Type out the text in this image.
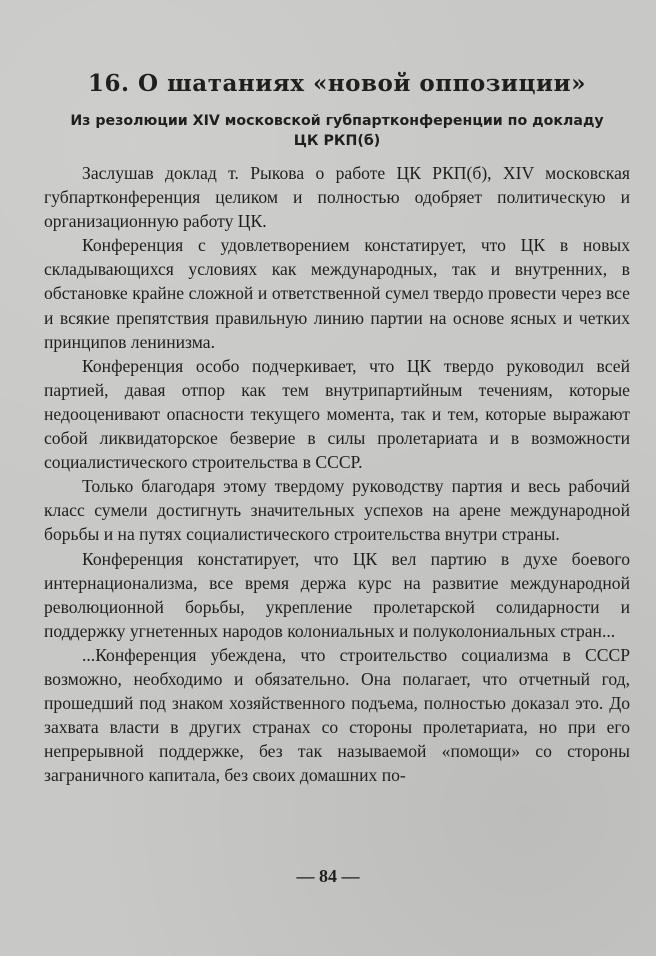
16. О шатаниях «новой оппозиции»
Из резолюции XIV московской губпартконференции по докладу
ЦК РКП(б)

Заслушав доклад т. Рыкова о работе ЦК РКП(б), XIV московская губпартконференция целиком и полностью одобряет политическую и организационную работу ЦК.

Конференция с удовлетворением констатирует, что ЦК в новых складывающихся условиях как международных, так и внутренних, в обстановке крайне сложной и ответственной сумел твердо провести через все и всякие препятствия правильную линию партии на основе ясных и четких принципов ленинизма.

Конференция особо подчеркивает, что ЦК твердо руководил всей партией, давая отпор как тем внутрипартийным течениям, которые недооценивают опасности текущего момента, так и тем, которые выражают собой ликвидаторское безверие в силы пролетариата и в возможности социалистического строительства в СССР.

Только благодаря этому твердому руководству партия и весь рабочий класс сумели достигнуть значительных успехов на арене международной борьбы и на путях социалистического строительства внутри страны.

Конференция констатирует, что ЦК вел партию в духе боевого интернационализма, все время держа курс на развитие международной революционной борьбы, укрепление пролетарской солидарности и поддержку угнетенных народов колониальных и полуколониальных стран...

...Конференция убеждена, что строительство социализма в СССР возможно, необходимо и обязательно. Она полагает, что отчетный год, прошедший под знаком хозяйственного подъема, полностью доказал это. До захвата власти в других странах со стороны пролетариата, но при его непрерывной поддержке, без так называемой «помощи» со стороны заграничного капитала, без своих домашних по-

— 84 —
